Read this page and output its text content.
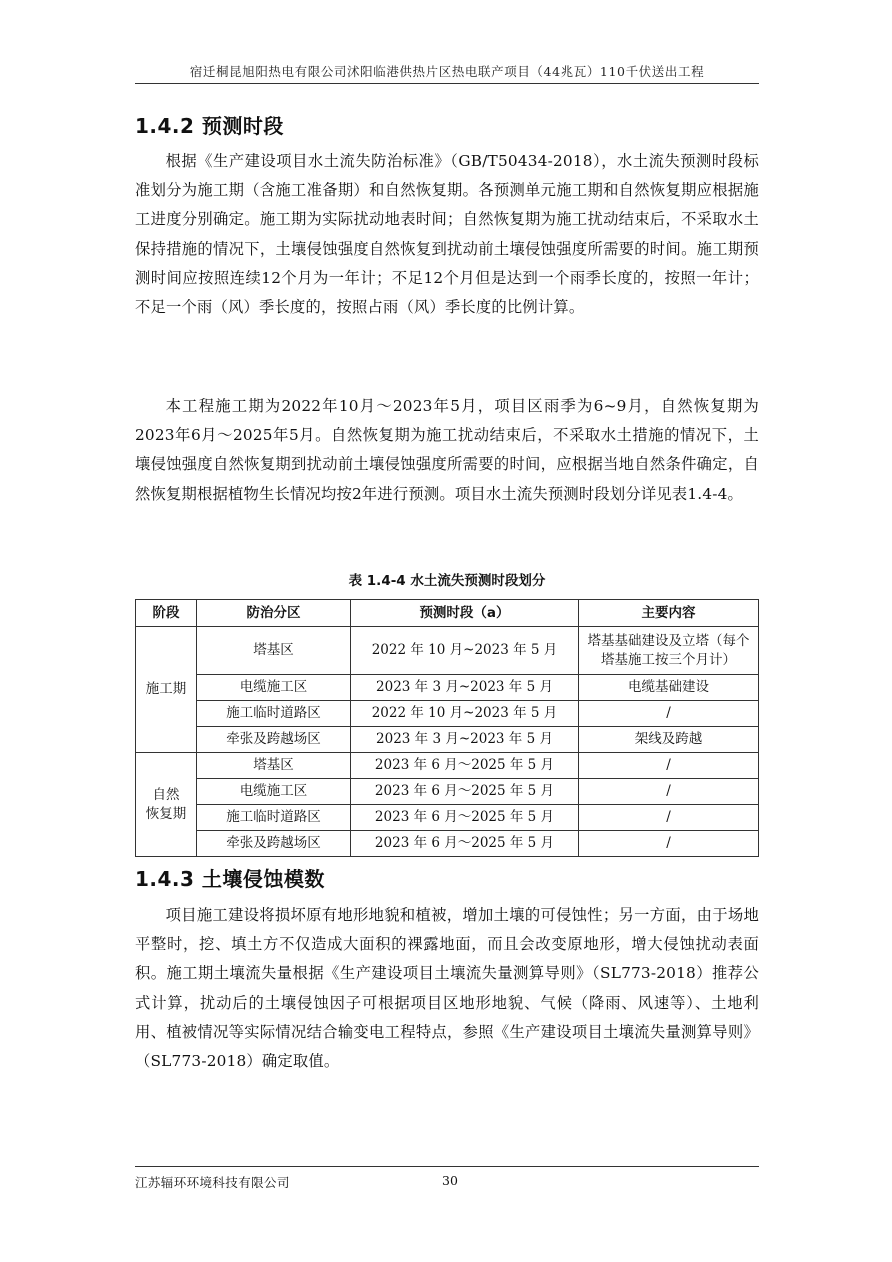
宿迁桐昆旭阳热电有限公司沭阳临港供热片区热电联产项目（44兆瓦）110千伏送出工程
1.4.2 预测时段

根据《生产建设项目水土流失防治标准》（GB/T50434-2018），水土流失预测时段标准划分为施工期（含施工准备期）和自然恢复期。各预测单元施工期和自然恢复期应根据施工进度分别确定。施工期为实际扰动地表时间；自然恢复期为施工扰动结束后，不采取水土保持措施的情况下，土壤侵蚀强度自然恢复到扰动前土壤侵蚀强度所需要的时间。施工期预测时间应按照连续12个月为一年计；不足12个月但是达到一个雨季长度的，按照一年计；不足一个雨（风）季长度的，按照占雨（风）季长度的比例计算。

本工程施工期为2022年10月～2023年5月，项目区雨季为6~9月，自然恢复期为2023年6月～2025年5月。自然恢复期为施工扰动结束后，不采取水土措施的情况下，土壤侵蚀强度自然恢复期到扰动前土壤侵蚀强度所需要的时间，应根据当地自然条件确定，自然恢复期根据植物生长情况均按2年进行预测。项目水土流失预测时段划分详见表1.4-4。

表 1.4-4 水土流失预测时段划分
阶段	防治分区	预测时段（a）	主要内容
施工期	塔基区	2022 年 10 月~2023 年 5 月	塔基基础建设及立塔（每个塔基施工按三个月计）
	电缆施工区	2023 年 3 月~2023 年 5 月	电缆基础建设
	施工临时道路区	2022 年 10 月~2023 年 5 月	/
	牵张及跨越场区	2023 年 3 月~2023 年 5 月	架线及跨越
自然
恢复期	塔基区	2023 年 6 月～2025 年 5 月	/
	电缆施工区	2023 年 6 月～2025 年 5 月	/
	施工临时道路区	2023 年 6 月～2025 年 5 月	/
	牵张及跨越场区	2023 年 6 月～2025 年 5 月	/
1.4.3 土壤侵蚀模数

项目施工建设将损坏原有地形地貌和植被，增加土壤的可侵蚀性；另一方面，由于场地平整时，挖、填土方不仅造成大面积的裸露地面，而且会改变原地形，增大侵蚀扰动表面积。施工期土壤流失量根据《生产建设项目土壤流失量测算导则》（SL773-2018）推荐公式计算，扰动后的土壤侵蚀因子可根据项目区地形地貌、气候（降雨、风速等）、土地利用、植被情况等实际情况结合输变电工程特点，参照《生产建设项目土壤流失量测算导则》（SL773-2018）确定取值。

江苏辐环环境科技有限公司	30
